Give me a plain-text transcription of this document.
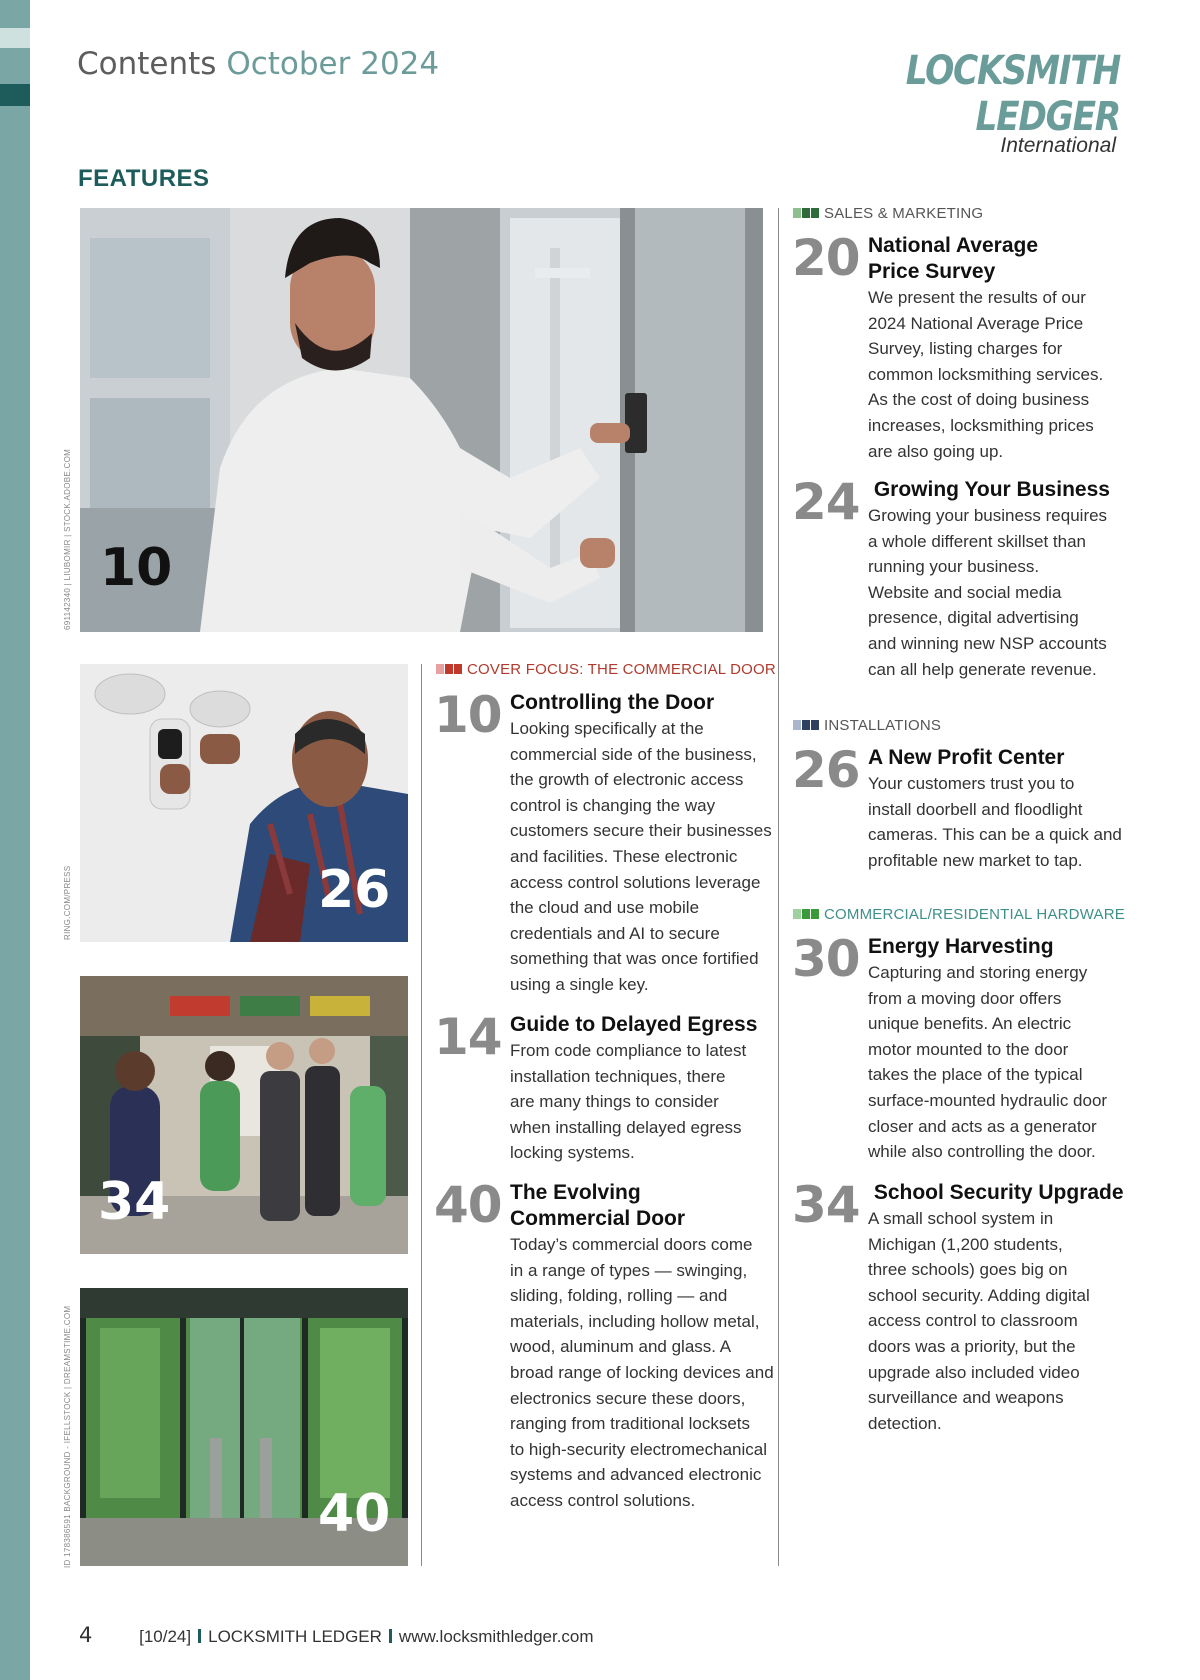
Contents October 2024	LOCKSMITH LEDGER
International
FEATURES
10
691142340 | LIUBOMIR | STOCK.ADOBE.COM
26
RING.COM/PRESS
34
40
ID 178386591 BACKGROUND - IFELLSTOCK | DREAMSTIME.COM
COVER FOCUS: THE COMMERCIAL DOOR
10 Controlling the Door
Looking specifically at the
commercial side of the business,
the growth of electronic access
control is changing the way
customers secure their businesses
and facilities. These electronic
access control solutions leverage
the cloud and use mobile
credentials and AI to secure
something that was once fortified
using a single key.
14 Guide to Delayed Egress
From code compliance to latest
installation techniques, there
are many things to consider
when installing delayed egress
locking systems.
40 The Evolving
Commercial Door
Today’s commercial doors come
in a range of types — swinging,
sliding, folding, rolling — and
materials, including hollow metal,
wood, aluminum and glass. A
broad range of locking devices and
electronics secure these doors,
ranging from traditional locksets
to high-security electromechanical
systems and advanced electronic
access control solutions.
SALES & MARKETING
20 National Average
Price Survey
We present the results of our
2024 National Average Price
Survey, listing charges for
common locksmithing services.
As the cost of doing business
increases, locksmithing prices
are also going up.
24 Growing Your Business
Growing your business requires
a whole different skillset than
running your business.
Website and social media
presence, digital advertising
and winning new NSP accounts
can all help generate revenue.
INSTALLATIONS
26 A New Profit Center
Your customers trust you to
install doorbell and floodlight
cameras. This can be a quick and
profitable new market to tap.
COMMERCIAL/RESIDENTIAL HARDWARE
30 Energy Harvesting
Capturing and storing energy
from a moving door offers
unique benefits. An electric
motor mounted to the door
takes the place of the typical
surface-mounted hydraulic door
closer and acts as a generator
while also controlling the door.
34 School Security Upgrade
A small school system in
Michigan (1,200 students,
three schools) goes big on
school security. Adding digital
access control to classroom
doors was a priority, but the
upgrade also included video
surveillance and weapons
detection.
4	[10/24] LOCKSMITH LEDGER www.locksmithledger.com
